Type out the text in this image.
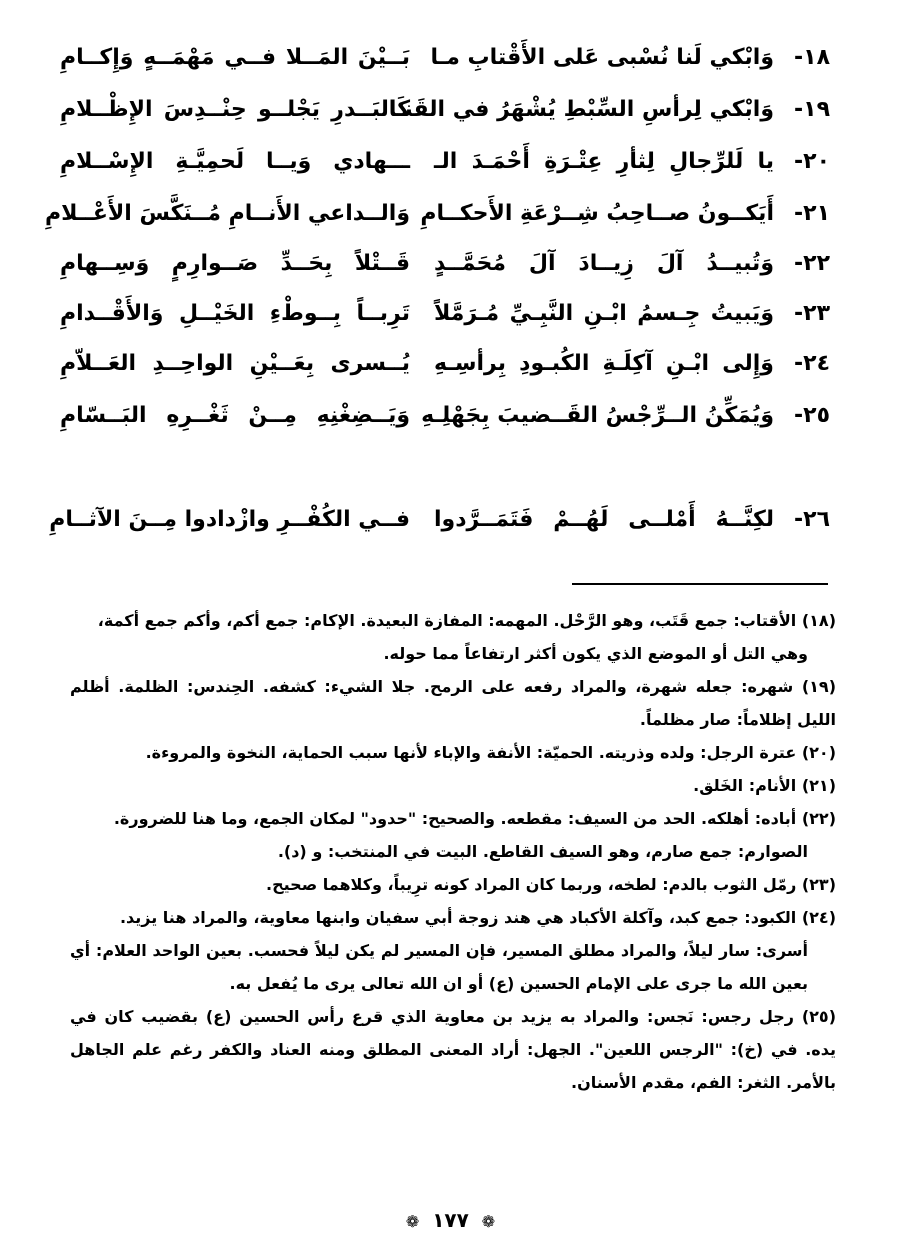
١٨-
وَابْكي لَنا نُسْبى عَلى الأَقْتابِ مـا
بَــيْنَ المَــلا فــي مَهْمَــهٍ وَإِكــامِ
١٩-
وَابْكي لِرأسِ السِّبْطِ يُشْهَرُ في القَنـا
كَالبَــدرِ يَجْلــو حِنْــدِسَ الإِظْــلامِ
٢٠-
يا لَلرِّجالِ لِثأرِ عِتْـرَةِ أَحْمَـدَ الـ
ـــهادي وَيــا لَحمِيَّـةِ الإِسْــلامِ
٢١-
أَيَكــونُ صــاحِبُ شِــرْعَةِ الأَحكــامِ
وَالــداعي الأَنــامِ مُــنَكَّسَ الأَعْــلامِ
٢٢-
وَتُبيــدُ آلَ زِيــادَ آلَ مُحَمَّــدٍ
قَــتْلاً بِحَــدِّ صَــوارِمٍ وَسِــهامِ
٢٣-
وَيَبيتُ جِـسمُ ابْـنِ النَّبِـيِّ مُـرَمَّلاً
تَرِبــاً بِــوطْءِ الخَيْــلِ وَالأَقْــدامِ
٢٤-
وَإِلى ابْـنِ آكِلَـةِ الكُبـودِ بِرأسِـهِ
يُــسرى بِعَــيْنِ الواحِــدِ العَــلاّمِ
٢٥-
وَيُمَكِّنُ الــرِّجْسُ القَــضيبَ بِجَهْلِـهِ
وَيَــضِغْنِهِ مِــنْ ثَغْــرِهِ البَــسّامِ
٢٦-
لكِنَّــهُ أَمْلــى لَهُــمْ فَتَمَــرَّدوا
فــي الكُفْــرِ وازْدادوا مِــنَ الآثــامِ

(١٨) الأقتاب: جمع قَتَب، وهو الرَّحْل. المهمه: المفازة البعيدة. الإكام: جمع أكم، وأكم جمع أكمة،
وهي التل أو الموضع الذي يكون أكثر ارتفاعاً مما حوله.

(١٩) شهره: جعله شهرة، والمراد رفعه على الرمح. جلا الشيء: كشفه. الحِندس: الظلمة. أظلم الليل إظلاماً: صار مظلماً.

(٢٠) عترة الرجل: ولده وذريته. الحميّة: الأنفة والإباء لأنها سبب الحماية، النخوة والمروءة.

(٢١) الأنام: الخَلق.

(٢٢) أباده: أهلكه. الحد من السيف: مقطعه. والصحيح: "حدود" لمكان الجمع، وما هنا للضرورة.
الصوارم: جمع صارم، وهو السيف القاطع. البيت في المنتخب: و (د).

(٢٣) رمّل الثوب بالدم: لطخه، وربما كان المراد كونه ترِيباً، وكلاهما صحيح.

(٢٤) الكبود: جمع كبد، وآكلة الأكباد هي هند زوجة أبي سفيان وابنها معاوية، والمراد هنا يزيد.
أسرى: سار ليلاً، والمراد مطلق المسير، فإن المسير لم يكن ليلاً فحسب. بعين الواحد العلام: أي بعين الله ما جرى على الإمام الحسين (ع) أو ان الله تعالى يرى ما يُفعل به.

(٢٥) رجل رجس: نَجس: والمراد به يزيد بن معاوية الذي قرع رأس الحسين (ع) بقضيب كان في يده. في (خ): "الرجس اللعين". الجهل: أراد المعنى المطلق ومنه العناد والكفر رغم علم الجاهل بالأمر. الثغر: الفم، مقدم الأسنان.

❁ ١٧٧ ❁
